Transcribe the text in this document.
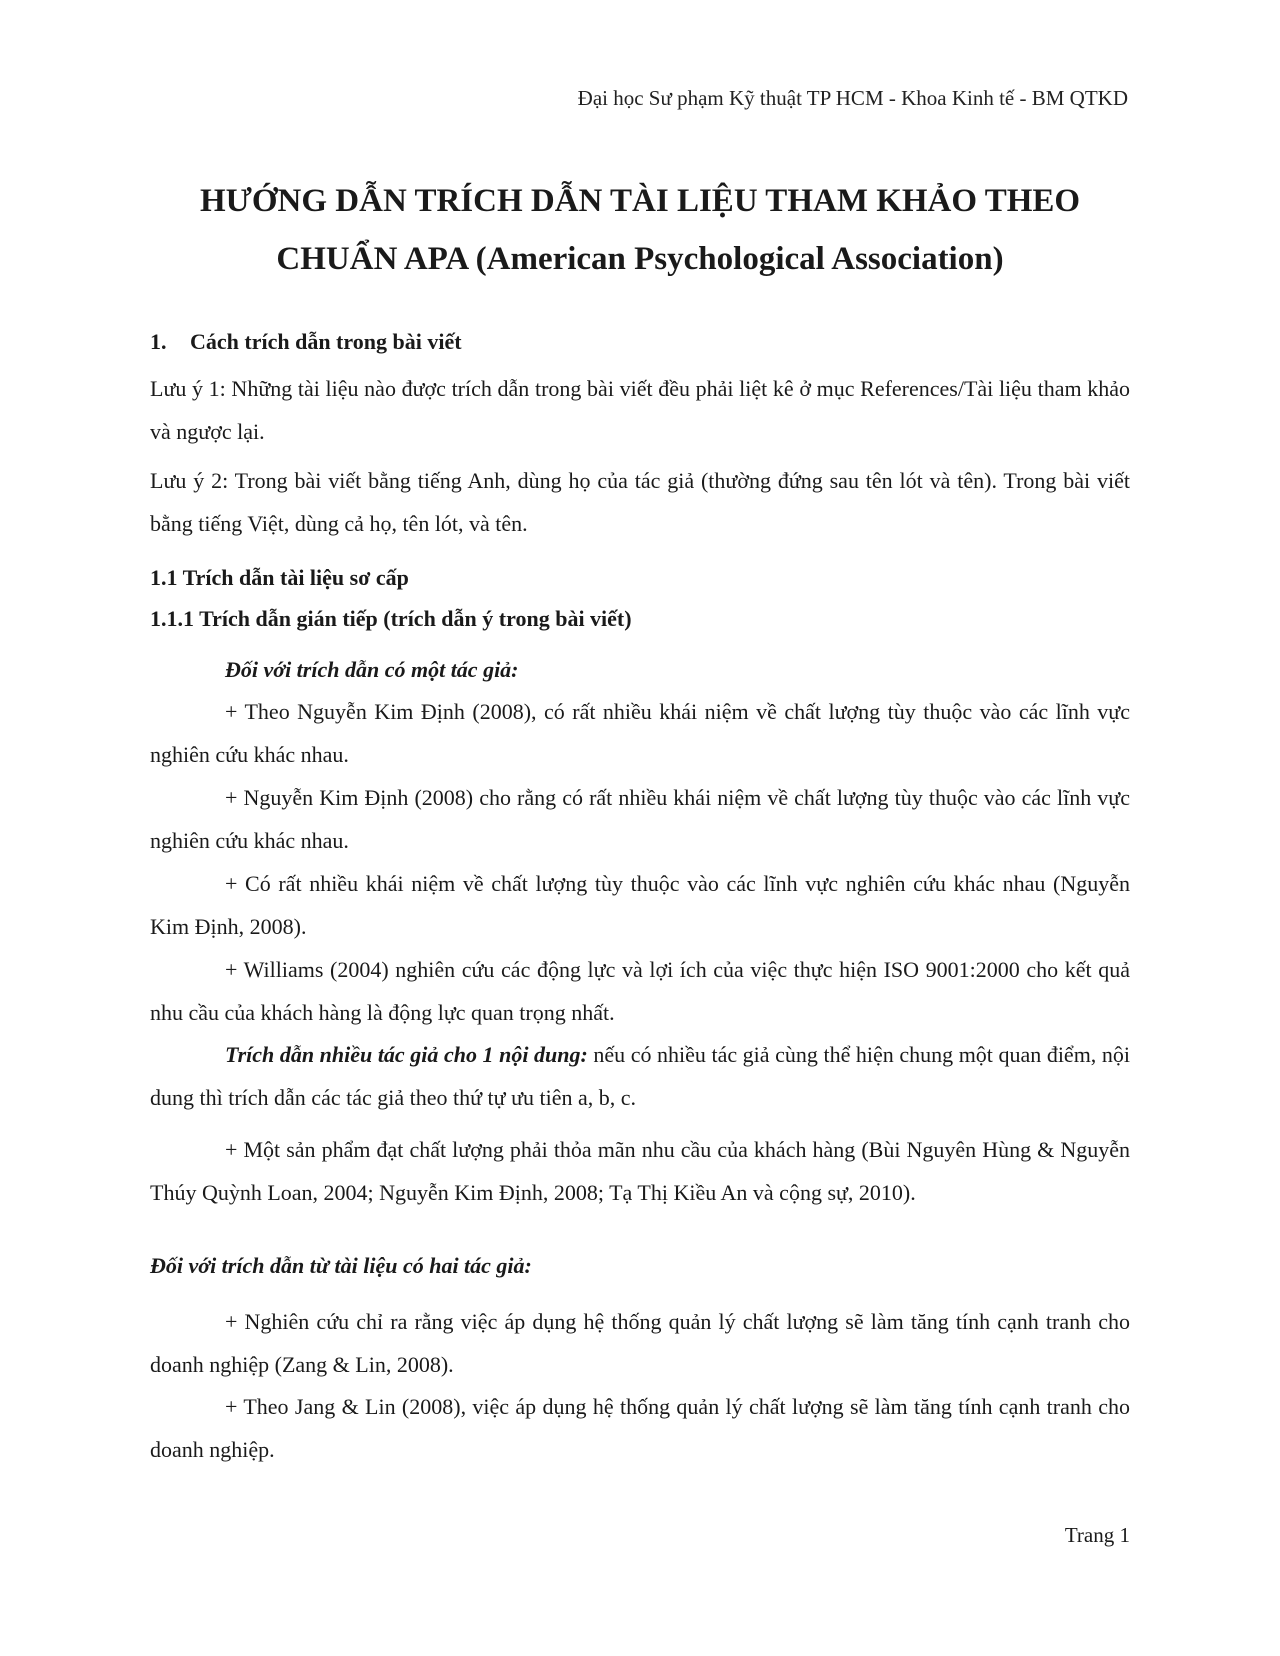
Đại học Sư phạm Kỹ thuật TP HCM - Khoa Kinh tế - BM QTKD
HƯỚNG DẪN TRÍCH DẪN TÀI LIỆU THAM KHẢO THEO
CHUẨN APA (American Psychological Association)
1. Cách trích dẫn trong bài viết
Lưu ý 1: Những tài liệu nào được trích dẫn trong bài viết đều phải liệt kê ở mục References/Tài liệu tham khảo và ngược lại.
Lưu ý 2: Trong bài viết bằng tiếng Anh, dùng họ của tác giả (thường đứng sau tên lót và tên). Trong bài viết bằng tiếng Việt, dùng cả họ, tên lót, và tên.
1.1 Trích dẫn tài liệu sơ cấp
1.1.1 Trích dẫn gián tiếp (trích dẫn ý trong bài viết)
Đối với trích dẫn có một tác giả:
+ Theo Nguyễn Kim Định (2008), có rất nhiều khái niệm về chất lượng tùy thuộc vào các lĩnh vực nghiên cứu khác nhau.
+ Nguyễn Kim Định (2008) cho rằng có rất nhiều khái niệm về chất lượng tùy thuộc vào các lĩnh vực nghiên cứu khác nhau.
+ Có rất nhiều khái niệm về chất lượng tùy thuộc vào các lĩnh vực nghiên cứu khác nhau (Nguyễn Kim Định, 2008).
+ Williams (2004) nghiên cứu các động lực và lợi ích của việc thực hiện ISO 9001:2000 cho kết quả nhu cầu của khách hàng là động lực quan trọng nhất.
Trích dẫn nhiều tác giả cho 1 nội dung: nếu có nhiều tác giả cùng thể hiện chung một quan điểm, nội dung thì trích dẫn các tác giả theo thứ tự ưu tiên a, b, c.
+ Một sản phẩm đạt chất lượng phải thỏa mãn nhu cầu của khách hàng (Bùi Nguyên Hùng & Nguyễn Thúy Quỳnh Loan, 2004; Nguyễn Kim Định, 2008; Tạ Thị Kiều An và cộng sự, 2010).
Đối với trích dẫn từ tài liệu có hai tác giả:
+ Nghiên cứu chỉ ra rằng việc áp dụng hệ thống quản lý chất lượng sẽ làm tăng tính cạnh tranh cho doanh nghiệp (Zang & Lin, 2008).
+ Theo Jang & Lin (2008), việc áp dụng hệ thống quản lý chất lượng sẽ làm tăng tính cạnh tranh cho doanh nghiệp.
Trang 1
